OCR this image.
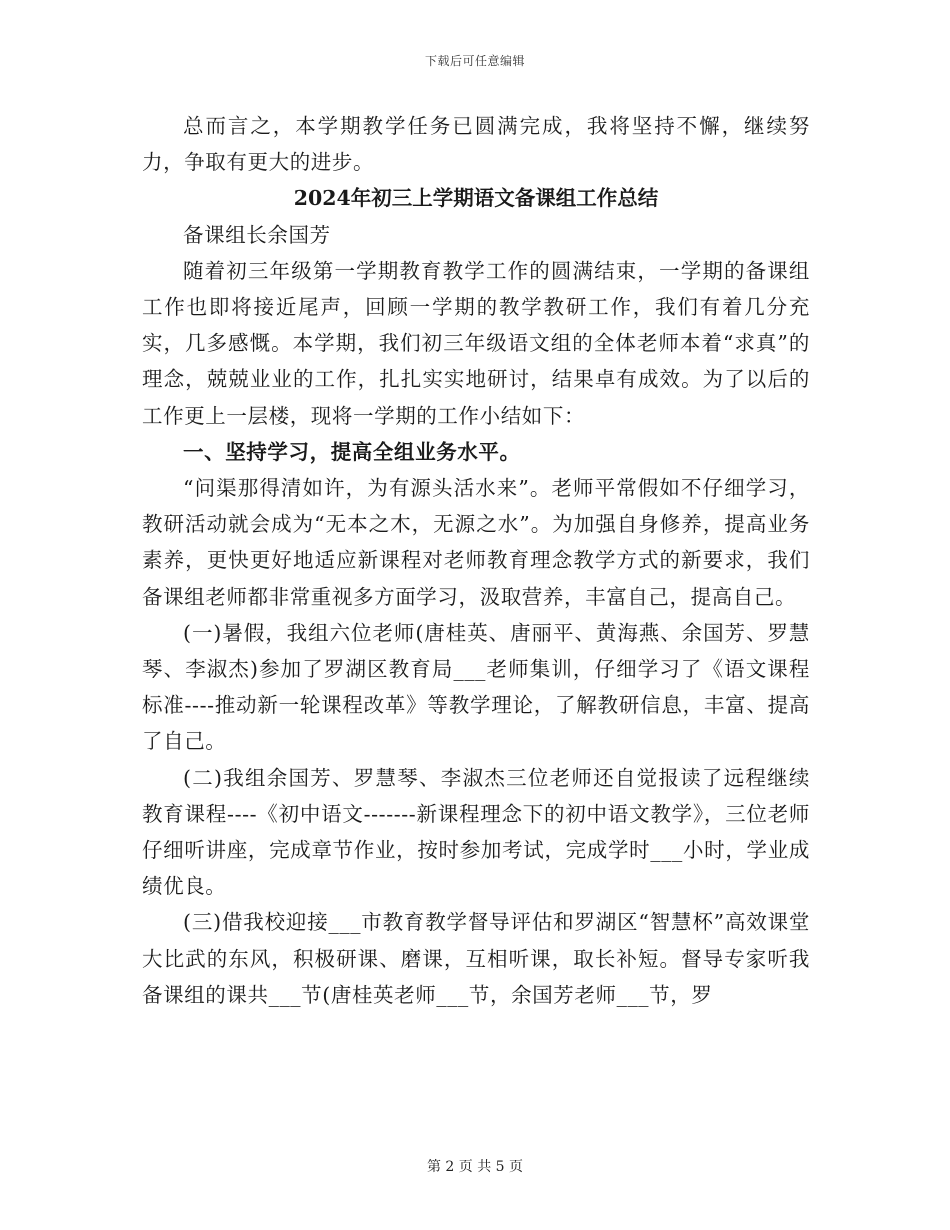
下载后可任意编辑

总而言之，本学期教学任务已圆满完成，我将坚持不懈，继续努力，争取有更大的进步。

2024年初三上学期语文备课组工作总结

备课组长余国芳

随着初三年级第一学期教育教学工作的圆满结束，一学期的备课组工作也即将接近尾声，回顾一学期的教学教研工作，我们有着几分充实，几多感慨。本学期，我们初三年级语文组的全体老师本着“求真”的理念，兢兢业业的工作，扎扎实实地研讨，结果卓有成效。为了以后的工作更上一层楼，现将一学期的工作小结如下：

一、坚持学习，提高全组业务水平。

“问渠那得清如许，为有源头活水来”。老师平常假如不仔细学习，教研活动就会成为“无本之木，无源之水”。为加强自身修养，提高业务素养，更快更好地适应新课程对老师教育理念教学方式的新要求，我们备课组老师都非常重视多方面学习，汲取营养，丰富自己，提高自己。

(一)暑假，我组六位老师(唐桂英、唐丽平、黄海燕、余国芳、罗慧琴、李淑杰)参加了罗湖区教育局___老师集训，仔细学习了《语文课程标准----推动新一轮课程改革》等教学理论，了解教研信息，丰富、提高了自己。

(二)我组余国芳、罗慧琴、李淑杰三位老师还自觉报读了远程继续教育课程----《初中语文-------新课程理念下的初中语文教学》，三位老师仔细听讲座，完成章节作业，按时参加考试，完成学时___小时，学业成绩优良。

(三)借我校迎接___市教育教学督导评估和罗湖区“智慧杯”高效课堂大比武的东风，积极研课、磨课，互相听课，取长补短。督导专家听我备课组的课共___节(唐桂英老师___节，余国芳老师___节，罗

第 2 页 共 5 页
